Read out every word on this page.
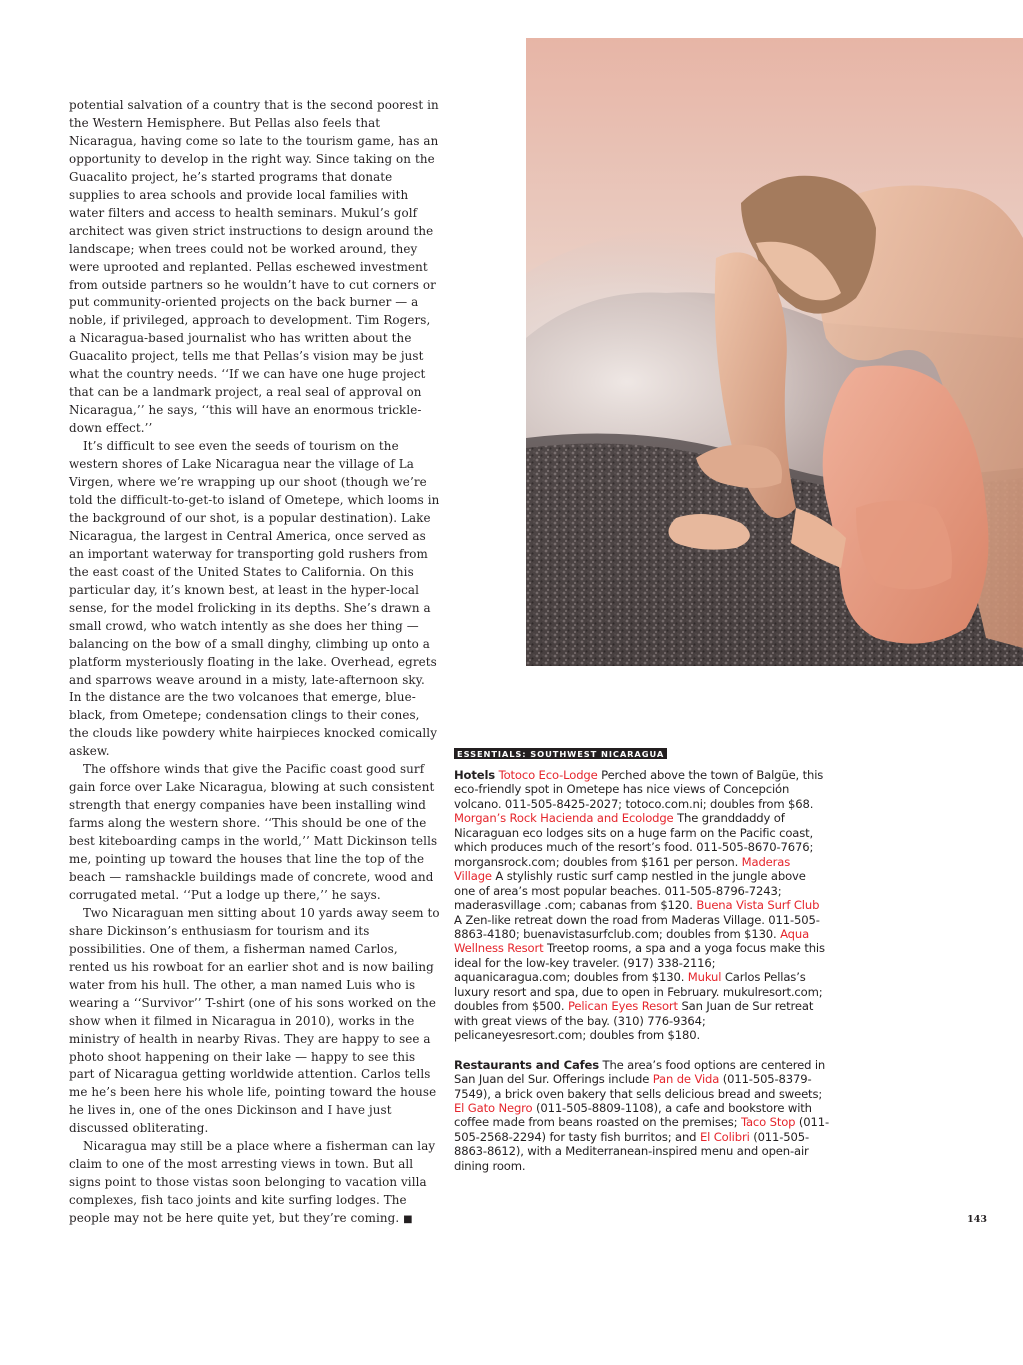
potential salvation of a country that is the second poorest in the Western Hemisphere. But Pellas also feels that Nicaragua, having come so late to the tourism game, has an opportunity to develop in the right way. Since taking on the Guacalito project, he’s started programs that donate supplies to area schools and provide local families with water filters and access to health seminars. Mukul’s golf architect was given strict instructions to design around the landscape; when trees could not be worked around, they were uprooted and replanted. Pellas eschewed investment from outside partners so he wouldn’t have to cut corners or put community-oriented projects on the back burner — a noble, if privileged, approach to development. Tim Rogers, a Nicaragua-based journalist who has written about the Guacalito project, tells me that Pellas’s vision may be just what the country needs. ‘‘If we can have one huge project that can be a landmark project, a real seal of approval on Nicaragua,’’ he says, ‘‘this will have an enormous trickle-down effect.’’

It’s difficult to see even the seeds of tourism on the western shores of Lake Nicaragua near the village of La Virgen, where we’re wrapping up our shoot (though we’re told the difficult-to-get-to island of Ometepe, which looms in the background of our shot, is a popular destination). Lake Nicaragua, the largest in Central America, once served as an important waterway for transporting gold rushers from the east coast of the United States to California. On this particular day, it’s known best, at least in the hyper-local sense, for the model frolicking in its depths. She’s drawn a small crowd, who watch intently as she does her thing — balancing on the bow of a small dinghy, climbing up onto a platform mysteriously floating in the lake. Overhead, egrets and sparrows weave around in a misty, late-afternoon sky. In the distance are the two volcanoes that emerge, blue-black, from Ometepe; condensation clings to their cones, the clouds like powdery white hairpieces knocked comically askew.

The offshore winds that give the Pacific coast good surf gain force over Lake Nicaragua, blowing at such consistent strength that energy companies have been installing wind farms along the western shore. ‘‘This should be one of the best kiteboarding camps in the world,’’ Matt Dickinson tells me, pointing up toward the houses that line the top of the beach — ramshackle buildings made of concrete, wood and corrugated metal. ‘‘Put a lodge up there,’’ he says.

Two Nicaraguan men sitting about 10 yards away seem to share Dickinson’s enthusiasm for tourism and its possibilities. One of them, a fisherman named Carlos, rented us his rowboat for an earlier shot and is now bailing water from his hull. The other, a man named Luis who is wearing a ‘‘Survivor’’ T-shirt (one of his sons worked on the show when it filmed in Nicaragua in 2010), works in the ministry of health in nearby Rivas. They are happy to see a photo shoot happening on their lake — happy to see this part of Nicaragua getting worldwide attention. Carlos tells me he’s been here his whole life, pointing toward the house he lives in, one of the ones Dickinson and I have just discussed obliterating.

Nicaragua may still be a place where a fisherman can lay claim to one of the most arresting views in town. But all signs point to those vistas soon belonging to vacation villa complexes, fish taco joints and kite surfing lodges. The people may not be here quite yet, but they’re coming. ■

ESSENTIALS: SOUTHWEST NICARAGUA

Hotels Totoco Eco-Lodge Perched above the town of Balgüe, this eco-friendly spot in Ometepe has nice views of Concepción volcano. 011-505-8425-2027; totoco.com.ni; doubles from $68. Morgan’s Rock Hacienda and Ecolodge The granddaddy of Nicaraguan eco lodges sits on a huge farm on the Pacific coast, which produces much of the resort’s food. 011-505-8670-7676; morgansrock.com; doubles from $161 per person. Maderas Village A stylishly rustic surf camp nestled in the jungle above one of area’s most popular beaches. 011-505-8796-7243; maderasvillage .com; cabanas from $120. Buena Vista Surf Club A Zen-like retreat down the road from Maderas Village. 011-505-8863-4180; buenavistasurfclub.com; doubles from $130. Aqua Wellness Resort Treetop rooms, a spa and a yoga focus make this ideal for the low-key traveler. (917) 338-2116; aquanicaragua.com; doubles from $130. Mukul Carlos Pellas’s luxury resort and spa, due to open in February. mukulresort.com; doubles from $500. Pelican Eyes Resort San Juan de Sur retreat with great views of the bay. (310) 776-9364; pelicaneyesresort.com; doubles from $180.

Restaurants and Cafes The area’s food options are centered in San Juan del Sur. Offerings include Pan de Vida (011-505-8379-7549), a brick oven bakery that sells delicious bread and sweets; El Gato Negro (011-505-8809-1108), a cafe and bookstore with coffee made from beans roasted on the premises; Taco Stop (011-505-2568-2294) for tasty fish burritos; and El Colibri (011-505-8863-8612), with a Mediterranean-inspired menu and open-air dining room.

143
